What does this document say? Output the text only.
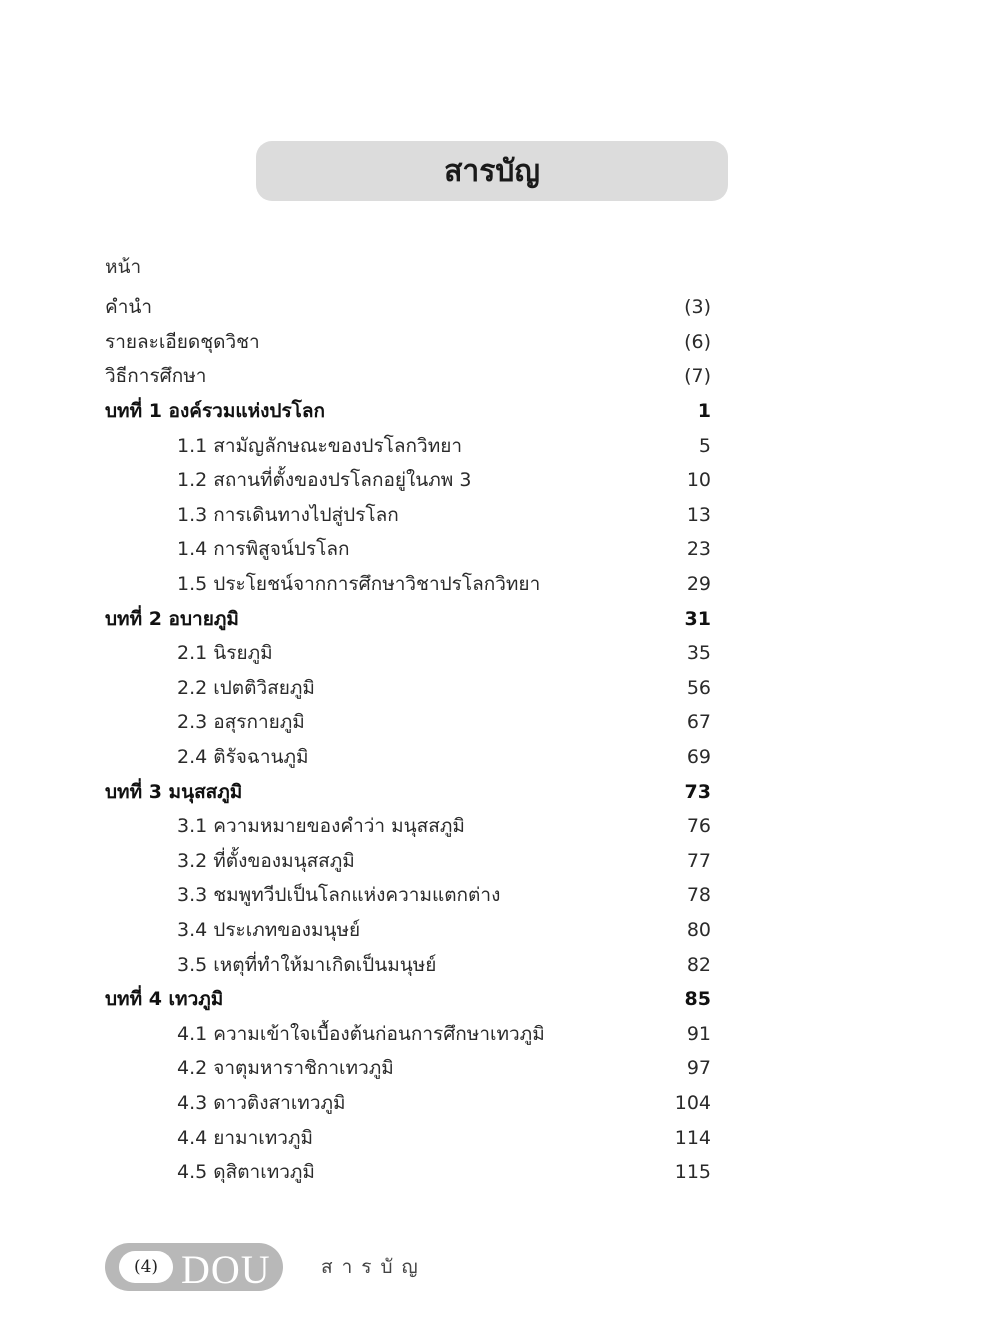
สารบัญ
หน้า
คำนำ	(3)
รายละเอียดชุดวิชา	(6)
วิธีการศึกษา	(7)
บทที่ 1 องค์รวมแห่งปรโลก	1
1.1 สามัญลักษณะของปรโลกวิทยา	5
1.2 สถานที่ตั้งของปรโลกอยู่ในภพ 3	10
1.3 การเดินทางไปสู่ปรโลก	13
1.4 การพิสูจน์ปรโลก	23
1.5 ประโยชน์จากการศึกษาวิชาปรโลกวิทยา	29
บทที่ 2 อบายภูมิ	31
2.1 นิรยภูมิ	35
2.2 เปตติวิสยภูมิ	56
2.3 อสุรกายภูมิ	67
2.4 ติรัจฉานภูมิ	69
บทที่ 3 มนุสสภูมิ	73
3.1 ความหมายของคำว่า มนุสสภูมิ	76
3.2 ที่ตั้งของมนุสสภูมิ	77
3.3 ชมพูทวีปเป็นโลกแห่งความแตกต่าง	78
3.4 ประเภทของมนุษย์	80
3.5 เหตุที่ทำให้มาเกิดเป็นมนุษย์	82
บทที่ 4 เทวภูมิ	85
4.1 ความเข้าใจเบื้องต้นก่อนการศึกษาเทวภูมิ	91
4.2 จาตุมหาราชิกาเทวภูมิ	97
4.3 ดาวติงสาเทวภูมิ	104
4.4 ยามาเทวภูมิ	114
4.5 ดุสิตาเทวภูมิ	115
(4) DOU	สารบัญ
